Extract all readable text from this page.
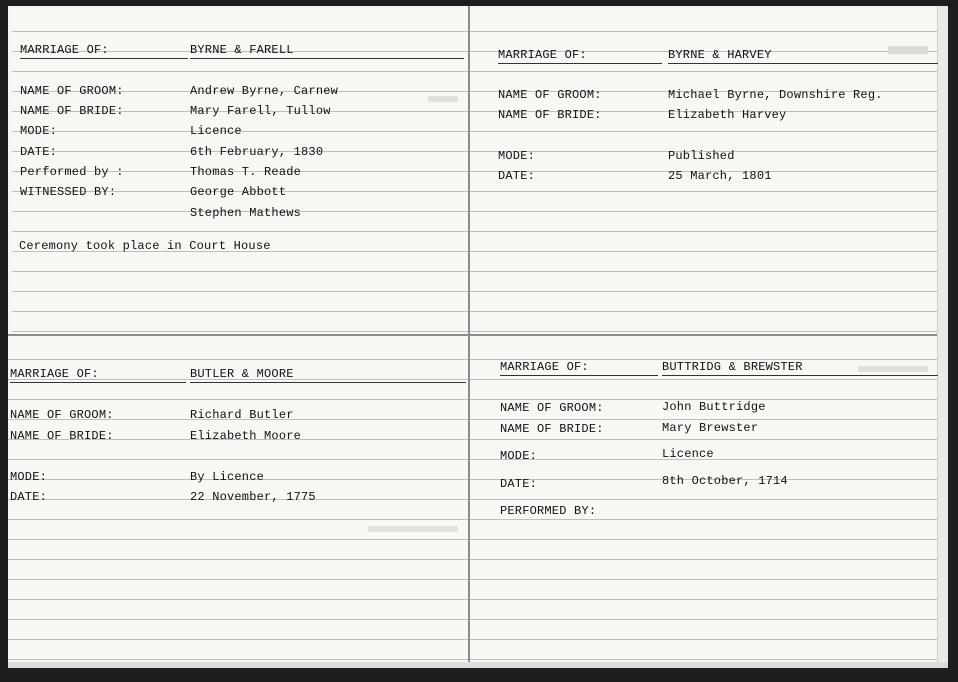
MARRIAGE OF:	BYRNE & FARELL
NAME OF GROOM:	Andrew Byrne, Carnew
NAME OF BRIDE:	Mary Farell, Tullow
MODE:	Licence
DATE:	6th February, 1830
Performed by :	Thomas T. Reade
WITNESSED BY:	George Abbott
Stephen Mathews
Ceremony took place in Court House
MARRIAGE OF:	BYRNE & HARVEY
NAME OF GROOM:	Michael Byrne, Downshire Reg.
NAME OF BRIDE:	Elizabeth Harvey
MODE:	Published
DATE:	25 March, 1801
MARRIAGE OF:	BUTLER & MOORE
NAME OF GROOM:	Richard Butler
NAME OF BRIDE:	Elizabeth Moore
MODE:	By Licence
DATE:	22 November, 1775
MARRIAGE OF:	BUTTRIDG & BREWSTER
NAME OF GROOM:	John Buttridge
NAME OF BRIDE:	Mary Brewster
MODE:	Licence
DATE:	8th October, 1714
PERFORMED BY:
